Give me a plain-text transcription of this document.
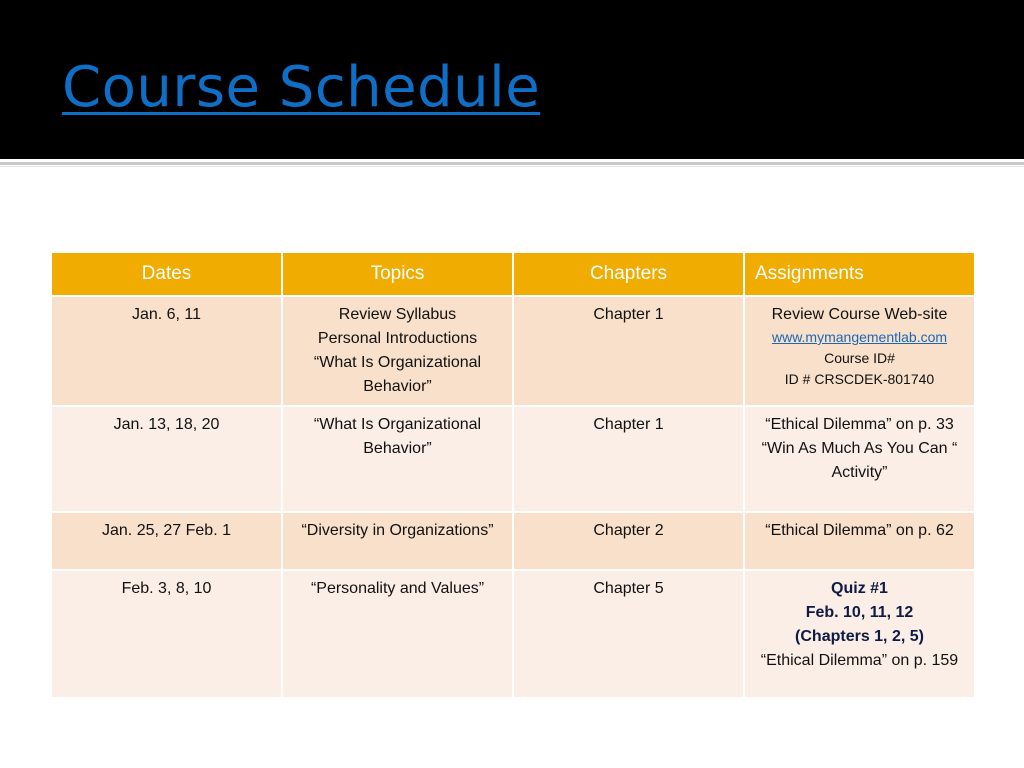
Course Schedule
Dates	Topics	Chapters	Assignments
Jan. 6, 11	Review Syllabus
Personal Introductions
“What Is Organizational Behavior”	Chapter 1	Review Course Web-site
www.mymangementlab.com
Course ID#
ID # CRSCDEK-801740

Jan. 13, 18, 20	“What Is Organizational Behavior”	Chapter 1	“Ethical Dilemma” on p. 33
“Win As Much As You Can “ Activity”

Jan. 25, 27 Feb. 1	“Diversity in Organizations”	Chapter 2	“Ethical Dilemma” on p. 62

Feb. 3, 8, 10	“Personality and Values”	Chapter 5	Quiz #1
Feb. 10, 11, 12
(Chapters 1, 2, 5)
“Ethical Dilemma” on p. 159
